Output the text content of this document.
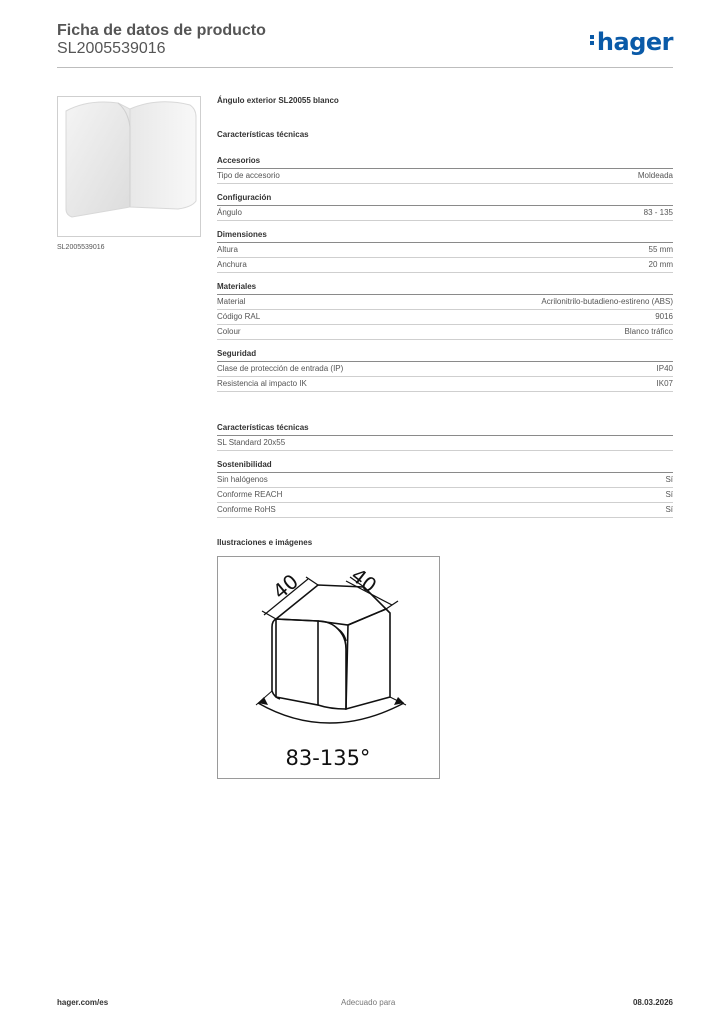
Ficha de datos de producto
SL2005539016	hager
SL2005539016
Ángulo exterior SL20055 blanco
Características técnicas
Accesorios
Tipo de accesorio	Moldeada
Configuración
Ángulo	83 - 135
Dimensiones
Altura	55 mm
Anchura	20 mm
Materiales
Material	Acrilonitrilo-butadieno-estireno (ABS)
Código RAL	9016
Colour	Blanco tráfico
Seguridad
Clase de protección de entrada (IP)	IP40
Resistencia al impacto IK	IK07
Características técnicas
SL Standard 20x55
Sostenibilidad
Sin halógenos	Sí
Conforme REACH	Sí
Conforme RoHS	Sí
Ilustraciones e imágenes
40 40
83-135°
hager.com/es	Adecuado para	08.03.2026
